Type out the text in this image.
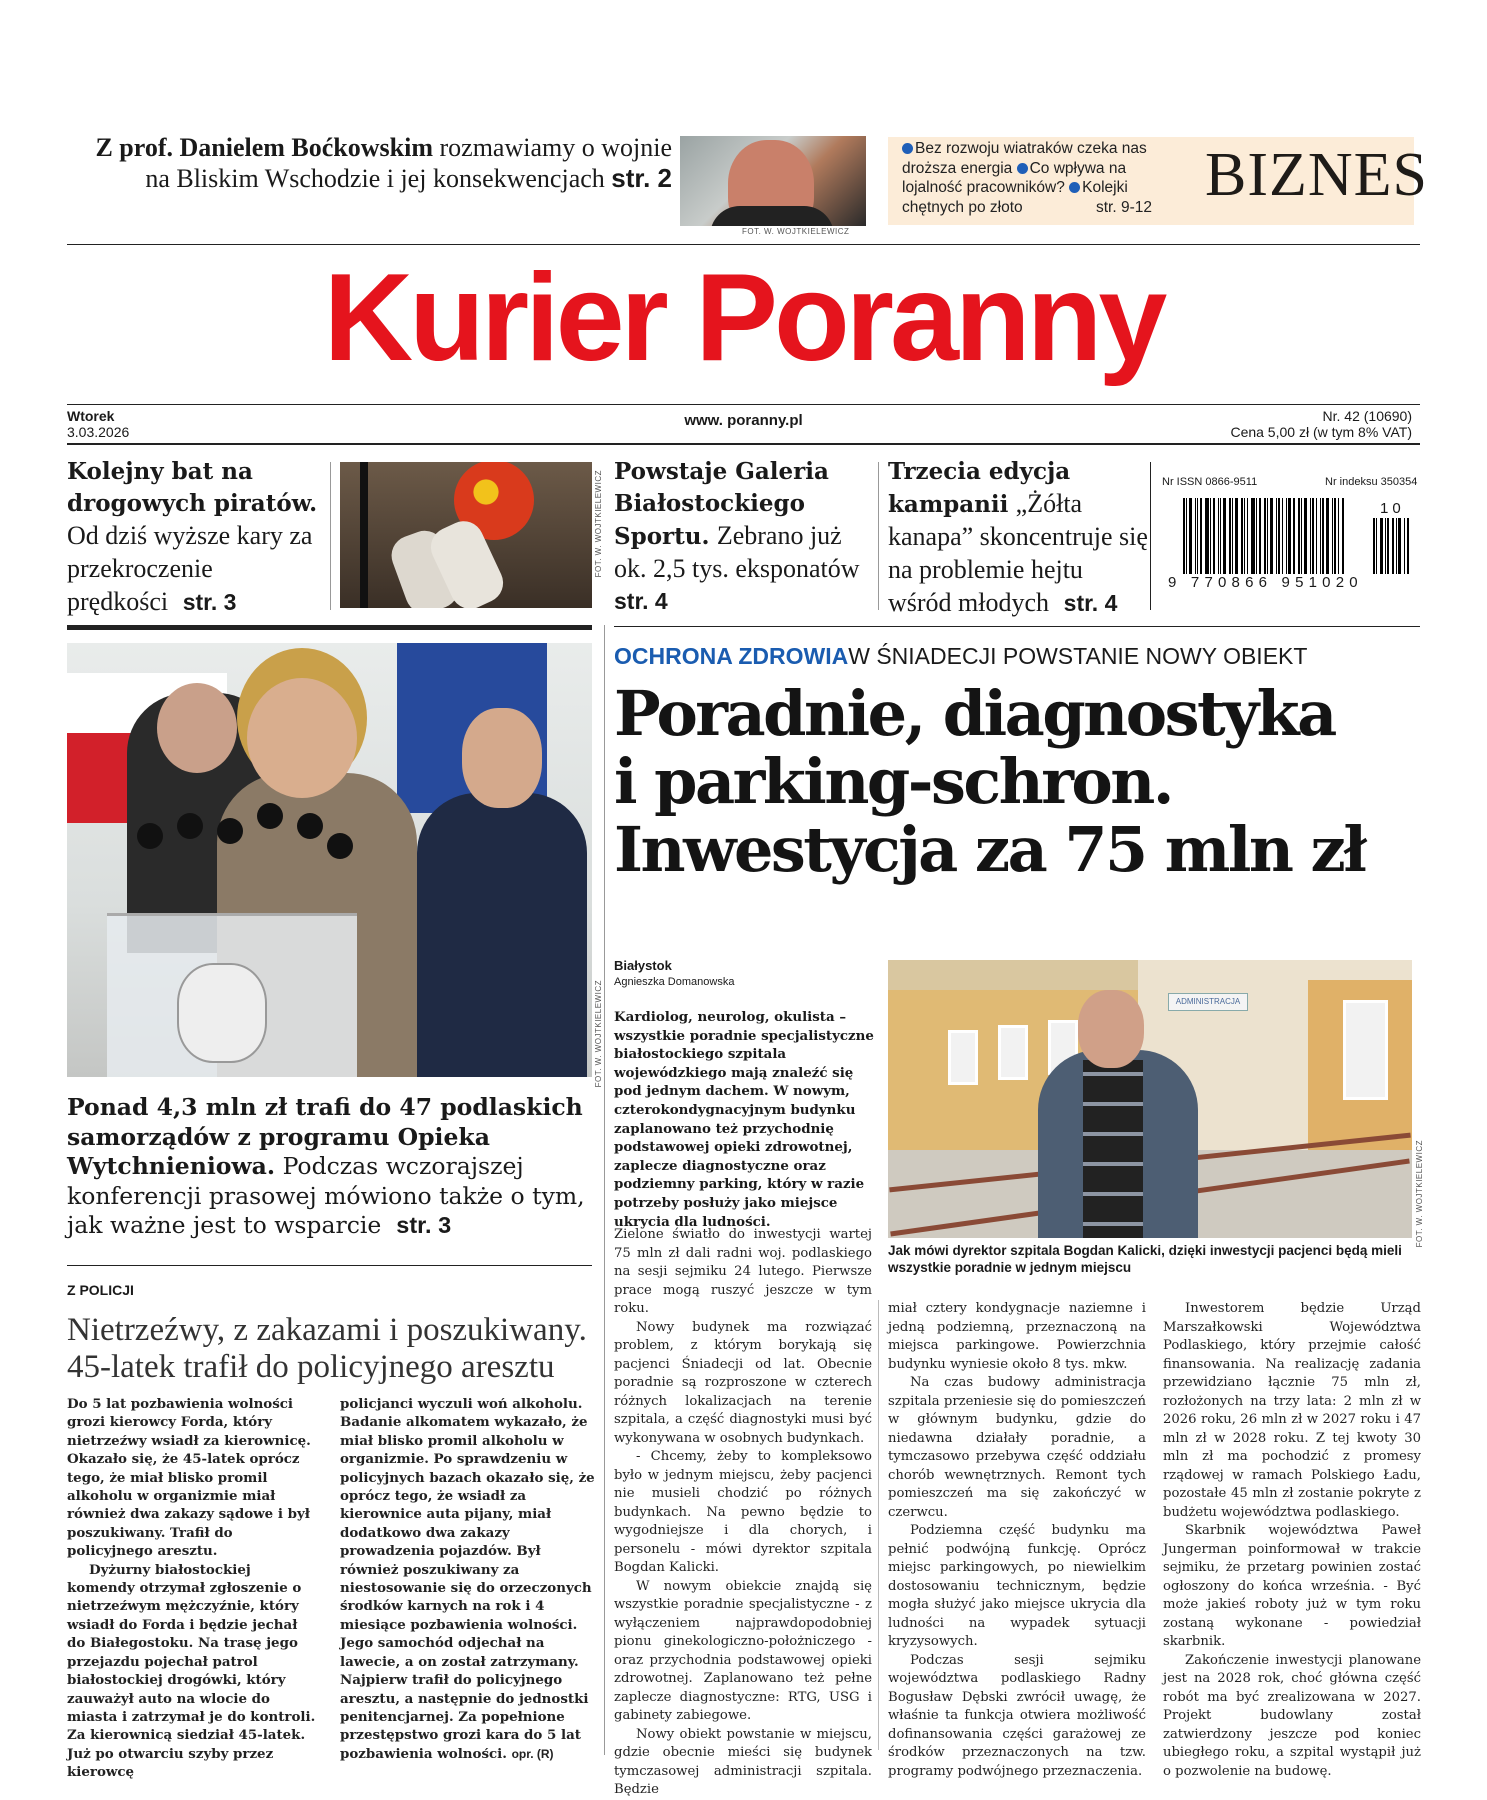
Z prof. Danielem Boćkowskim rozmawiamy o wojnie na Bliskim Wschodzie i jej konsekwencjach str. 2
FOT. W. WOJTKIELEWICZ
Bez rozwoju wiatraków czeka nas droższa energia Co wpływa na lojalność pracowników? Kolejki chętnych po złoto	str. 9-12 BIZNES
Kurier Poranny
Wtorek
3.03.2026
www. poranny.pl	Nr. 42 (10690)
Cena 5,00 zł (w tym 8% VAT)
Kolejny bat na drogowych piratów. Od dziś wyższe kary za przekroczenie prędkości str. 3
FOT. W. WOJTKIELEWICZ Powstaje Galeria Białostockiego Sportu. Zebrano już ok. 2,5 tys. eksponatów str. 4
Trzecia edycja kampanii „Żółta kanapa” skoncentruje się na problemie hejtu wśród młodych str. 4
Nr ISSN 0866-9511	Nr indeksu 350354
9 770866 951020
10
FOT. W. WOJTKIELEWICZ
Ponad 4,3 mln zł trafi do 47 podlaskich samorządów z programu Opieka Wytchnieniowa. Podczas wczorajszej konferencji prasowej mówiono także o tym, jak ważne jest to wsparcie str. 3
Z POLICJI
Nietrzeźwy, z zakazami i poszukiwany. 45-latek trafił do policyjnego aresztu

Do 5 lat pozbawienia wolności grozi kierowcy Forda, który nietrzeźwy wsiadł za kierownicę. Okazało się, że 45-latek oprócz tego, że miał blisko promil alkoholu w organizmie miał również dwa zakazy sądowe i był poszukiwany. Trafił do policyjnego aresztu.

Dyżurny białostockiej komendy otrzymał zgłoszenie o nietrzeźwym mężczyźnie, który wsiadł do Forda i będzie jechał do Białegostoku. Na trasę jego przejazdu pojechał patrol białostockiej drogówki, który zauważył auto na wlocie do miasta i zatrzymał je do kontroli. Za kierownicą siedział 45-latek. Już po otwarciu szyby przez kierowcę

policjanci wyczuli woń alkoholu. Badanie alkomatem wykazało, że miał blisko promil alkoholu w organizmie. Po sprawdzeniu w policyjnych bazach okazało się, że oprócz tego, że wsiadł za kierownice auta pijany, miał dodatkowo dwa zakazy prowadzenia pojazdów. Był również poszukiwany za niestosowanie się do orzeczonych środków karnych na rok i 4 miesiące pozbawienia wolności. Jego samochód odjechał na lawecie, a on został zatrzymany. Najpierw trafił do policyjnego aresztu, a następnie do jednostki penitencjarnej. Za popełnione przestępstwo grozi kara do 5 lat pozbawienia wolności. opr. (R)
OCHRONA ZDROWIAW ŚNIADECJI POWSTANIE NOWY OBIEKT
Poradnie, diagnostyka
i parking-schron.
Inwestycja za 75 mln zł
Białystok
Agnieszka Domanowska
Kardiolog, neurolog, okulista – wszystkie poradnie specjalistyczne białostockiego szpitala wojewódzkiego mają znaleźć się pod jednym dachem. W nowym, czterokondygnacyjnym budynku zaplanowano też przychodnię podstawowej opieki zdrowotnej, zaplecze diagnostyczne oraz podziemny parking, który w razie potrzeby posłuży jako miejsce ukrycia dla ludności.
ADMINISTRACJA
FOT. W. WOJTKIELEWICZ
Jak mówi dyrektor szpitala Bogdan Kalicki, dzięki inwestycji pacjenci będą mieli wszystkie poradnie w jednym miejscu

Zielone światło do inwestycji wartej 75 mln zł dali radni woj. podlaskiego na sesji sejmiku 24 lutego. Pierwsze prace mogą ruszyć jeszcze w tym roku.

Nowy budynek ma rozwiązać problem, z którym borykają się pacjenci Śniadecji od lat. Obecnie poradnie są rozproszone w czterech różnych lokalizacjach na terenie szpitala, a część diagnostyki musi być wykonywana w osobnych budynkach.

- Chcemy, żeby to kompleksowo było w jednym miejscu, żeby pacjenci nie musieli chodzić po różnych budynkach. Na pewno będzie to wygodniejsze i dla chorych, i personelu - mówi dyrektor szpitala Bogdan Kalicki.

W nowym obiekcie znajdą się wszystkie poradnie specjalistyczne - z wyłączeniem najprawdopodobniej pionu ginekologiczno-położniczego - oraz przychodnia podstawowej opieki zdrowotnej. Zaplanowano też pełne zaplecze diagnostyczne: RTG, USG i gabinety zabiegowe.

Nowy obiekt powstanie w miejscu, gdzie obecnie mieści się budynek tymczasowej administracji szpitala. Będzie

miał cztery kondygnacje naziemne i jedną podziemną, przeznaczoną na miejsca parkingowe. Powierzchnia budynku wyniesie około 8 tys. mkw.

Na czas budowy administracja szpitala przeniesie się do pomieszczeń w głównym budynku, gdzie do niedawna działały poradnie, a tymczasowo przebywa część oddziału chorób wewnętrznych. Remont tych pomieszczeń ma się zakończyć w czerwcu.

Podziemna część budynku ma pełnić podwójną funkcję. Oprócz miejsc parkingowych, po niewielkim dostosowaniu technicznym, będzie mogła służyć jako miejsce ukrycia dla ludności na wypadek sytuacji kryzysowych.

Podczas sesji sejmiku województwa podlaskiego Radny Bogusław Dębski zwrócił uwagę, że właśnie ta funkcja otwiera możliwość dofinansowania części garażowej ze środków przeznaczonych na tzw. programy podwójnego przeznaczenia.

Inwestorem będzie Urząd Marszałkowski Województwa Podlaskiego, który przejmie całość finansowania. Na realizację zadania przewidziano łącznie 75 mln zł, rozłożonych na trzy lata: 2 mln zł w 2026 roku, 26 mln zł w 2027 roku i 47 mln zł w 2028 roku. Z tej kwoty 30 mln zł ma pochodzić z promesy rządowej w ramach Polskiego Ładu, pozostałe 45 mln zł zostanie pokryte z budżetu województwa podlaskiego.

Skarbnik województwa Paweł Jungerman poinformował w trakcie sejmiku, że przetarg powinien zostać ogłoszony do końca września. - Być może jakieś roboty już w tym roku zostaną wykonane - powiedział skarbnik.

Zakończenie inwestycji planowane jest na 2028 rok, choć główna część robót ma być zrealizowana w 2027. Projekt budowlany został zatwierdzony jeszcze pod koniec ubiegłego roku, a szpital wystąpił już o pozwolenie na budowę.
